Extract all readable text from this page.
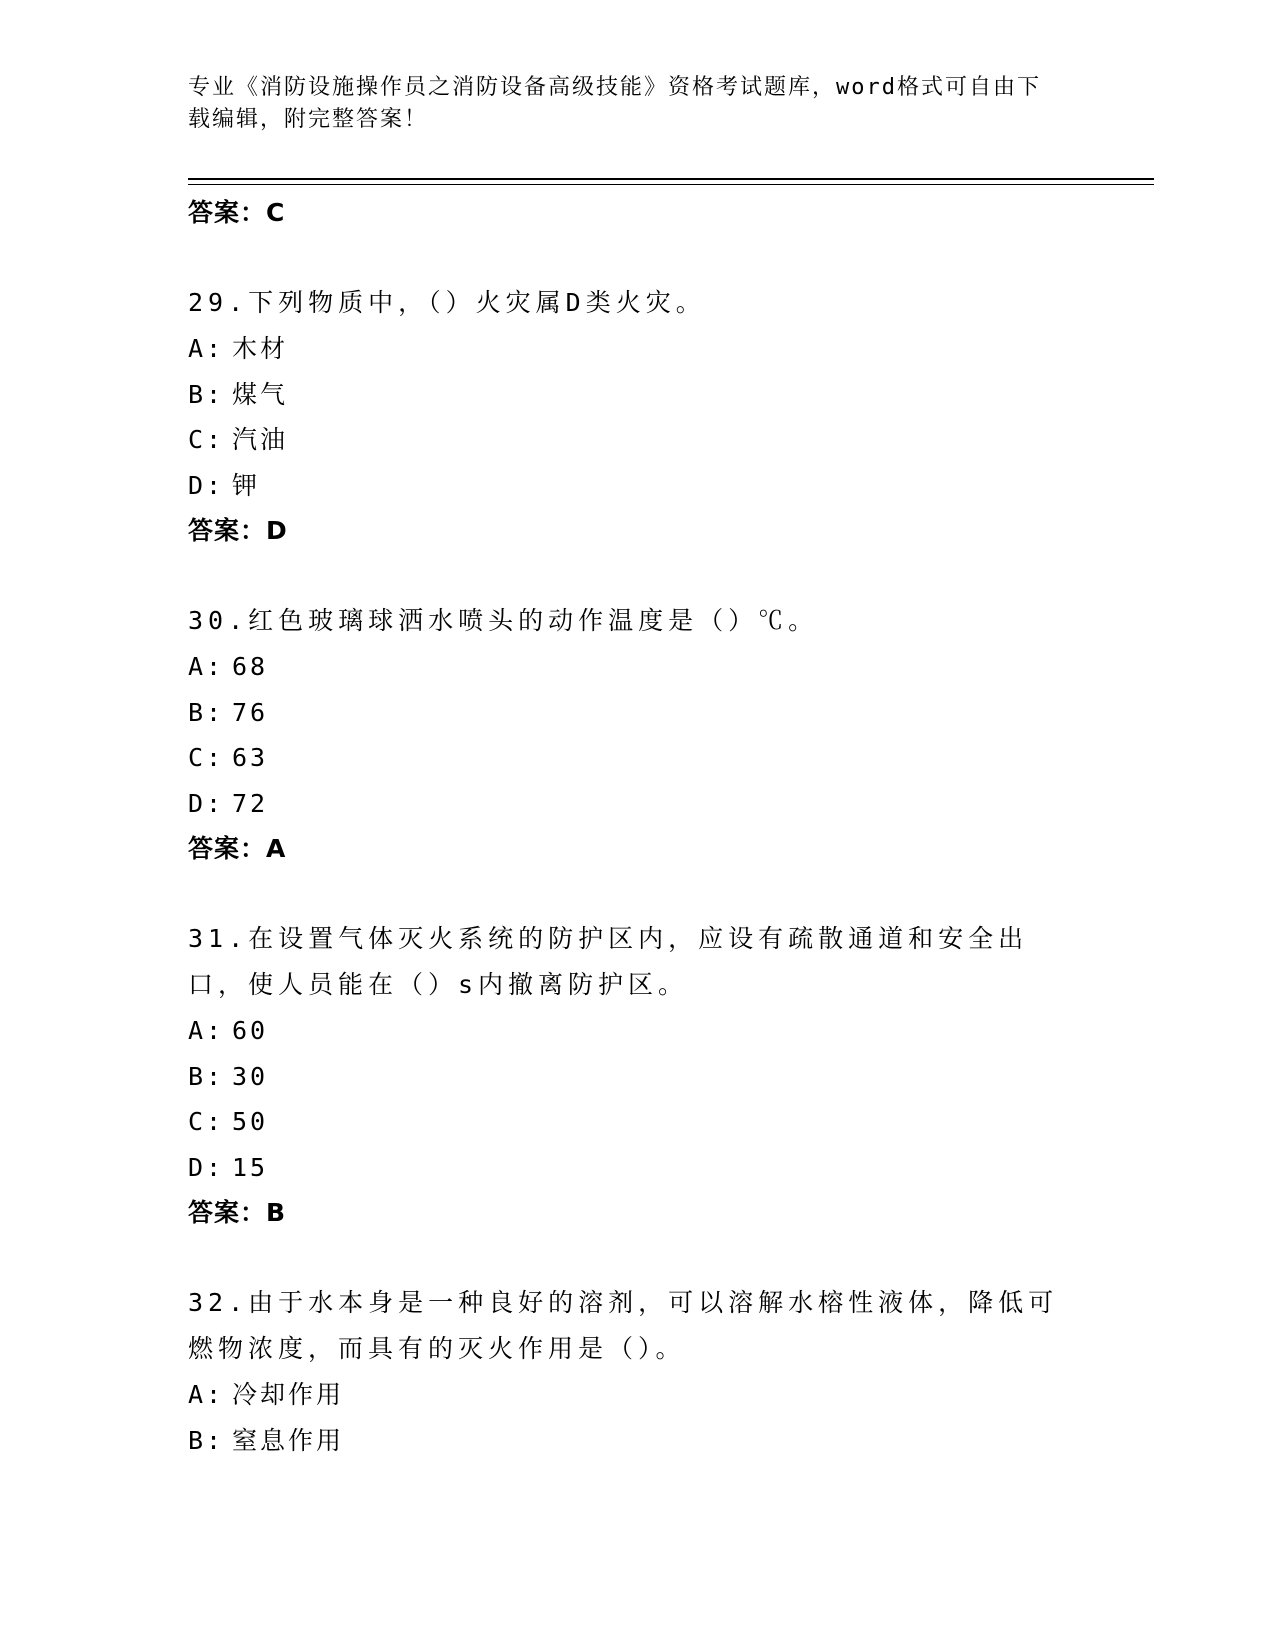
专业《消防设施操作员之消防设备高级技能》资格考试题库，word格式可自由下
载编辑，附完整答案！
答案：C
29.下列物质中，（）火灾属D类火灾。
A: 木材
B: 煤气
C: 汽油
D: 钾
答案：D
30.红色玻璃球洒水喷头的动作温度是（）℃。
A: 68
B: 76
C: 63
D: 72
答案：A
31.在设置气体灭火系统的防护区内，应设有疏散通道和安全出口，使人员能在（）s内撤离防护区。
A: 60
B: 30
C: 50
D: 15
答案：B
32.由于水本身是一种良好的溶剂，可以溶解水榕性液体，降低可燃物浓度，而具有的灭火作用是（）。
A: 冷却作用
B: 窒息作用
